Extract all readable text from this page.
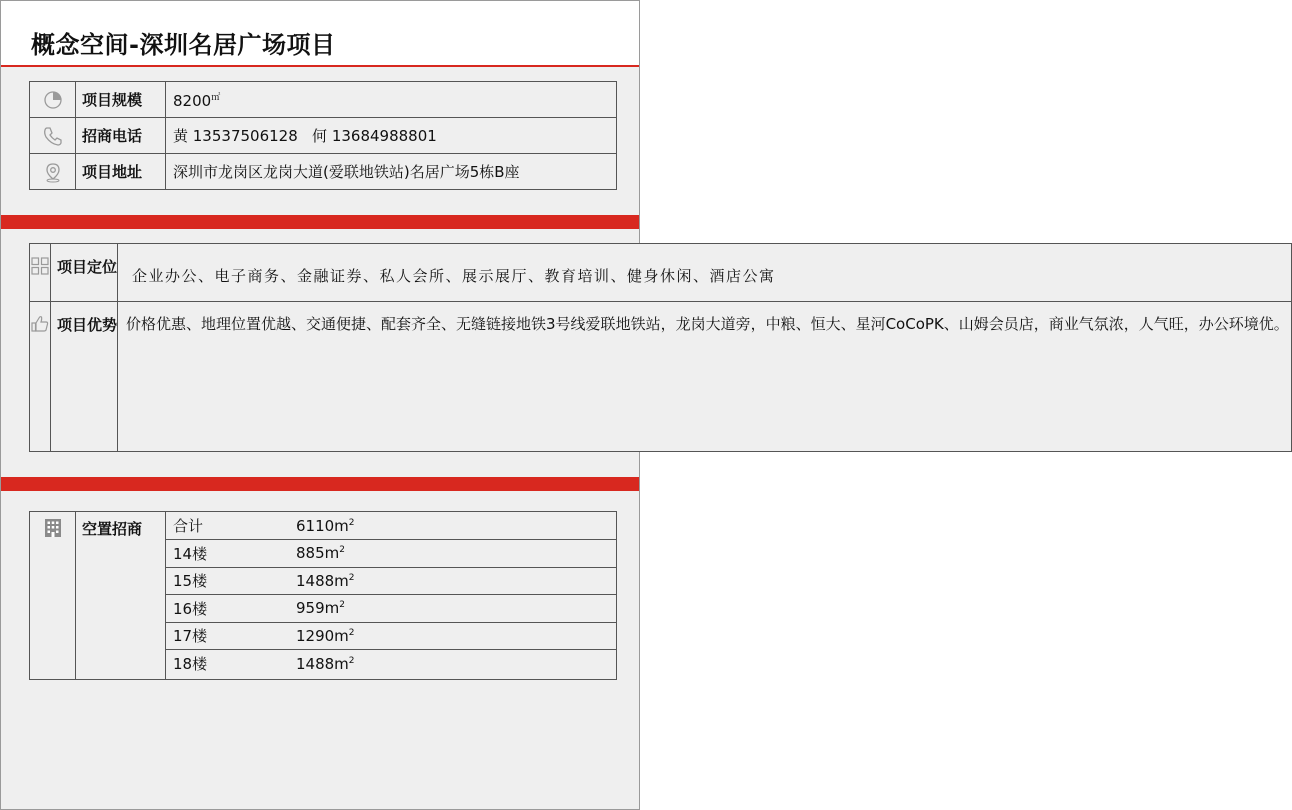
概念空间-深圳名居广场项目
	项目规模	8200㎡

	招商电话	黄 13537506128   何 13684988801

	项目地址	深圳市龙岗区龙岗大道(爱联地铁站)名居广场5栋B座
	项目定位	企业办公、电子商务、金融证券、私人会所、展示展厅、教育培训、健身休闲、酒店公寓

	项目优势	价格优惠、地理位置优越、交通便捷、配套齐全、无缝链接地铁3号线爱联地铁站，龙岗大道旁，中粮、恒大、星河CoCoPK、山姆会员店，商业气氛浓，人气旺，办公环境优。
	空置招商	合计	$6110m^2$
14楼	$885m^2$
15楼	$1488m^2$
16楼	$959m^2$
17楼	$1290m^2$
18楼	$1488m^2$
